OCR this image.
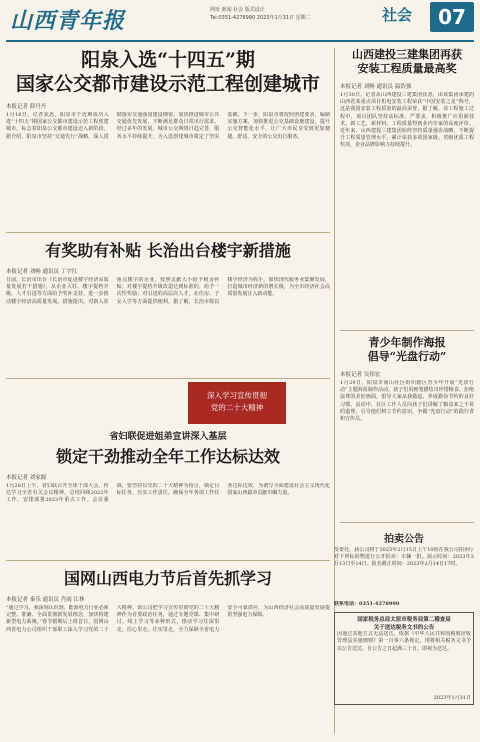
山西青年报	网址 新闻 社会 版式设计
Tel:0351-4278990 2023年1月31日 星期二	社会	07
阳泉入选“十四五”期
国家公交都市建设示范工程创建城市
本报记者 薛丹丹
1月16日，记者获悉，阳泉市于近期成功入选“十四五”期国家公交都市建设示范工程创建城市，标志着阳泉公交都市建设迈入新阶段。据介绍，阳泉市坚持“交通先行”战略，深入贯彻落实交通强国建设纲要，加快推进城市公共交通优先发展，不断满足群众日常出行需求。经过多年的发展，城市公交网络日趋完善，服务水平持续提升，为入选创建城市奠定了坚实基础。下一步，阳泉市将按照创建要求，编制实施方案，加快推进公交基础设施建设，提升公交智能化水平，让广大市民享受到更加便捷、舒适、安全的公交出行服务。
有奖助有补贴 长治出台楼宇新措施
本报记者 刘畅 通讯员 丁宇红
日前，长治市出台《长治市促进楼宇经济高质量发展若干措施》，从企业入驻、楼宇提档升级、人才引进等方面给予奖补支持，进一步推动楼宇经济高质量发展。措施提出，对新入驻重点楼宇的企业，按照贡献大小给予租金补贴；对楼宇提档升级改造达到标准的，给予一次性奖励；对引进的高层次人才，在住房、子女入学等方面提供便利。据了解，长治市将以楼宇经济为抓手，加快现代服务业集聚发展，打造城市经济新的增长极，为全市经济社会高质量发展注入新动能。
深入学习宣传贯彻
党的二十大精神
省妇联促进姐弟宣讲深入基层
锁定干劲推动全年工作达标达效
本报记者 刘家源
1月28日上午，省妇联召开全体干部大会，传达学习全省有关会议精神，总结回顾2022年工作，安排部署2023年重点工作。会议强调，要坚持以党的二十大精神为指引，锁定目标任务，压实工作责任，确保全年各项工作任务达标达效，为谱写全面建设社会主义现代化国家山西篇章贡献巾帼力量。
国网山西电力节后首先抓学习
本报记者 秦乐 通讯员 肖雨 江林
“通过学习，我深刻认识到，能源电力行业必须完整、准确、全面贯彻新发展理念，加快构建新型电力系统。”春节假期后上班首日，国网山西省电力公司组织干部职工深入学习党的二十大精神。该公司把学习宣传贯彻党的二十大精神作为首要政治任务，通过专题党课、集中研讨、线上学习等多种形式，推动学习往深里走、往心里走、往实里走，全力保障全省电力安全可靠供应，为山西经济社会高质量发展提供坚强电力保障。
山西建投三建集团再获
安装工程质量最高奖
本报记者 刘畅 通讯员 温浩强
1月30日，记者从山西建投三建集团获悉，由该集团承建的山西省某重点项目机电安装工程荣获“中国安装之星”称号，这是我国安装工程质量的最高荣誉。据了解，该工程施工过程中，项目团队坚持高标准、严要求，积极推广应用新技术、新工艺、新材料，工程质量得到业内专家的高度评价。近年来，山西建投三建集团始终坚持质量强企战略，不断提升工程质量管理水平，累计荣获多项国家级、省级优质工程奖项，企业品牌影响力持续提升。
青少年制作海报
倡导“光盘行动”
本报记者 吴伟宏
1月29日，阳泉市南山社区组织辖区青少年开展“光盘行动”主题海报制作活动。孩子们用画笔描绘出珍惜粮食、拒绝浪费的美好画面，倡导大家从我做起，养成勤俭节约的良好习惯。活动中，社区工作人员向孩子们讲解了粮食来之不易的道理，引导他们树立节约意识，争做“光盘行动”的践行者和宣传员。
拍卖公告
受委托，我公司将于2023年2月15日上午10时在我公司拍卖厅对下列标的物进行公开拍卖：车辆一批。展示时间：2023年2月13日至14日。报名截止时间：2023年2月14日17时。
联系电话：0351-4278990
国家税务总局太原市税务局第二稽查局
关于送达税务文书的公告
因通过其他方式无法送达，依据《中华人民共和国税收征收管理法实施细则》第一百零六条规定，现将相关税务文书予以公告送达。自公告之日起满三十日，即视为送达。
2023年1月31日
